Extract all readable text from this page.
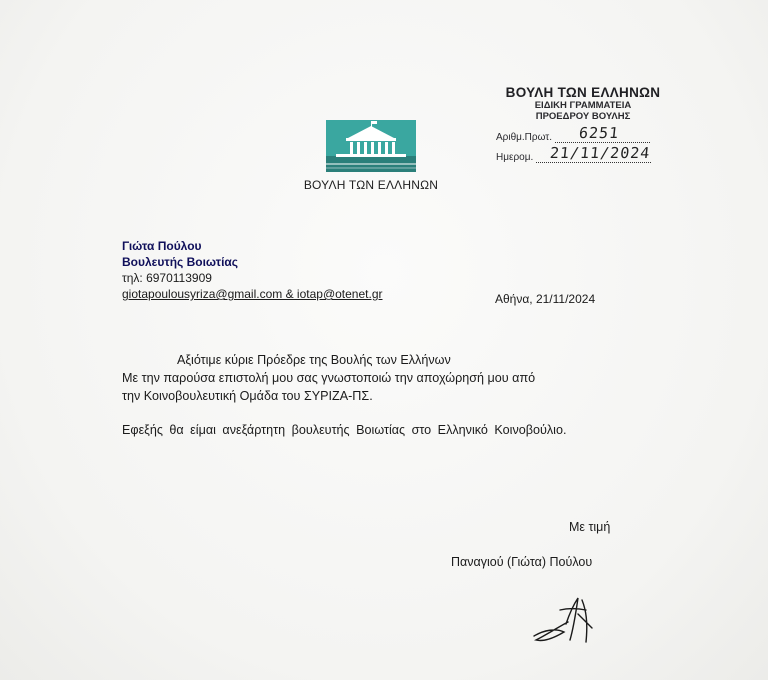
ΒΟΥΛΗ ΤΩΝ ΕΛΛΗΝΩΝ
ΕΙΔΙΚΗ ΓΡΑΜΜΑΤΕΙΑ
ΠΡΟΕΔΡΟΥ ΒΟΥΛΗΣ
Αριθμ.Πρωτ. 6251
Ημερομ. 21/11/2024
ΒΟΥΛΗ ΤΩΝ ΕΛΛΗΝΩΝ
Γιώτα Πούλου
Βουλευτής Βοιωτίας
τηλ: 6970113909
giotapoulousyriza@gmail.com & iotap@otenet.gr	Αθήνα, 21/11/2024
Αξιότιμε κύριε Πρόεδρε της Βουλής των Ελλήνων
Με την παρούσα επιστολή μου σας γνωστοποιώ την αποχώρησή μου από
την Κοινοβουλευτική Ομάδα του ΣΥΡΙΖΑ-ΠΣ.
Εφεξής θα είμαι ανεξάρτητη βουλευτής Βοιωτίας στο Ελληνικό Κοινοβούλιο.
Με τιμή
Παναγιού (Γιώτα) Πούλου
